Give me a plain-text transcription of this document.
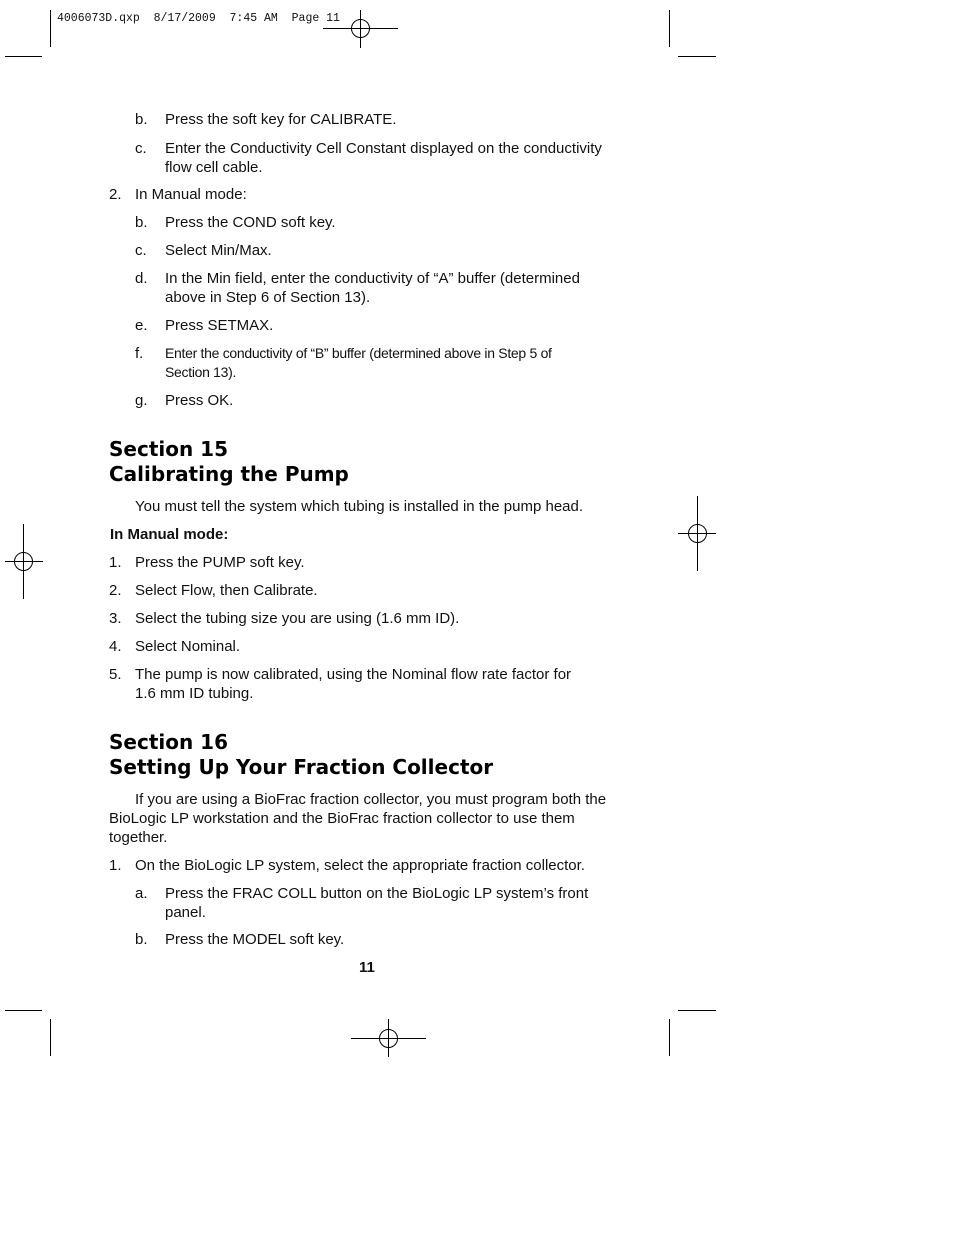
4006073D.qxp  8/17/2009  7:45 AM  Page 11
b. Press the soft key for CALIBRATE.
c. Enter the Conductivity Cell Constant displayed on the conductivity flow cell cable.
2. In Manual mode:
b. Press the COND soft key.
c. Select Min/Max.
d. In the Min field, enter the conductivity of “A” buffer (determined above in Step 6 of Section 13).
e. Press SETMAX.
f. Enter the conductivity of “B” buffer (determined above in Step 5 of Section 13).
g. Press OK.
Section 15
Calibrating the Pump
You must tell the system which tubing is installed in the pump head.
In Manual mode:
1. Press the PUMP soft key.
2. Select Flow, then Calibrate.
3. Select the tubing size you are using (1.6 mm ID).
4. Select Nominal.
5. The pump is now calibrated, using the Nominal flow rate factor for 1.6 mm ID tubing.
Section 16
Setting Up Your Fraction Collector
If you are using a BioFrac fraction collector, you must program both the BioLogic LP workstation and the BioFrac fraction collector to use them together.
1. On the BioLogic LP system, select the appropriate fraction collector.
a. Press the FRAC COLL button on the BioLogic LP system’s front panel.
b. Press the MODEL soft key.
11
